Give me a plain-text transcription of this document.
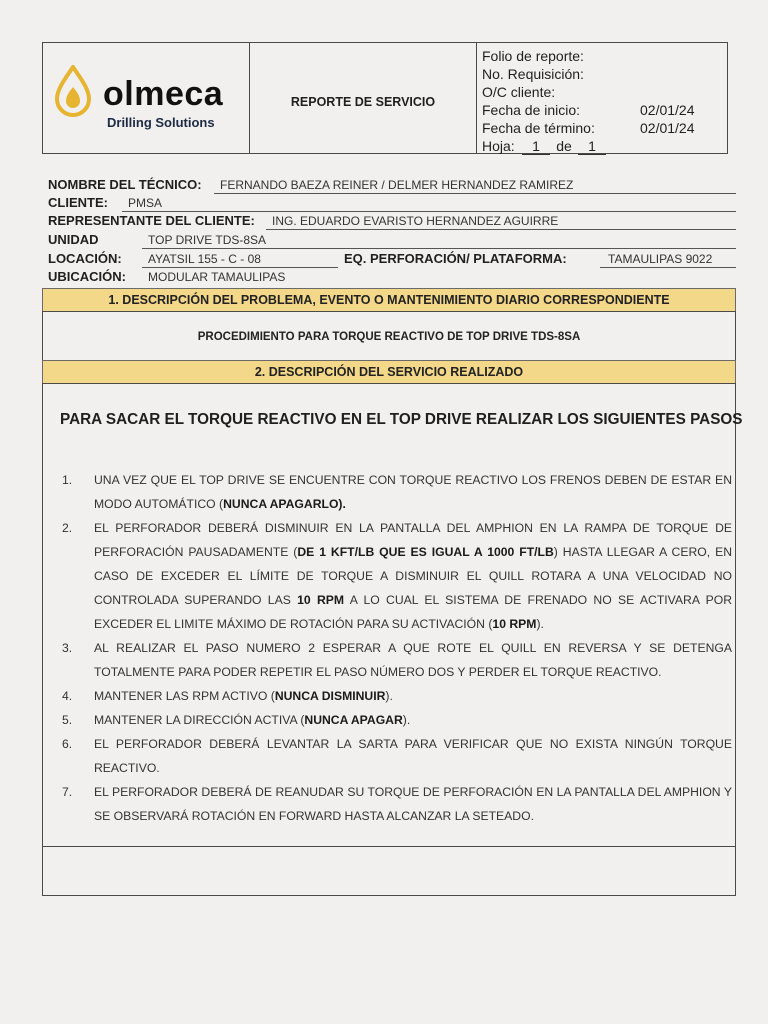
olmeca
Drilling Solutions
REPORTE DE SERVICIO
Folio de reporte:
No. Requisición:
O/C cliente:
Fecha de inicio:	02/01/24
Fecha de término:	02/01/24
Hoja:	1	de	1
NOMBRE DEL TÉCNICO: FERNANDO BAEZA REINER / DELMER HERNANDEZ RAMIREZ
CLIENTE: PMSA
REPRESENTANTE DEL CLIENTE: ING. EDUARDO EVARISTO HERNANDEZ AGUIRRE
UNIDAD	TOP DRIVE TDS-8SA
LOCACIÓN: AYATSIL 155 - C - 08	EQ. PERFORACIÓN/ PLATAFORMA:	TAMAULIPAS 9022
UBICACIÓN: MODULAR TAMAULIPAS
1. DESCRIPCIÓN DEL PROBLEMA, EVENTO O MANTENIMIENTO DIARIO CORRESPONDIENTE
PROCEDIMIENTO PARA TORQUE REACTIVO DE TOP DRIVE TDS-8SA
2. DESCRIPCIÓN DEL SERVICIO REALIZADO
PARA SACAR EL TORQUE REACTIVO EN EL TOP DRIVE REALIZAR LOS SIGUIENTES PASOS
1.	UNA VEZ QUE EL TOP DRIVE SE ENCUENTRE CON TORQUE REACTIVO LOS FRENOS DEBEN DE ESTAR EN MODO AUTOMÁTICO (NUNCA APAGARLO).
2.	EL PERFORADOR DEBERÁ DISMINUIR EN LA PANTALLA DEL AMPHION EN LA RAMPA DE TORQUE DE PERFORACIÓN PAUSADAMENTE (DE 1 KFT/LB QUE ES IGUAL A 1000 FT/LB) HASTA LLEGAR A CERO, EN CASO DE EXCEDER EL LÍMITE DE TORQUE A DISMINUIR EL QUILL ROTARA A UNA VELOCIDAD NO CONTROLADA SUPERANDO LAS 10 RPM A LO CUAL EL SISTEMA DE FRENADO NO SE ACTIVARA POR EXCEDER EL LIMITE MÁXIMO DE ROTACIÓN PARA SU ACTIVACIÓN (10 RPM).
3.	AL REALIZAR EL PASO NUMERO 2 ESPERAR A QUE ROTE EL QUILL EN REVERSA Y SE DETENGA TOTALMENTE PARA PODER REPETIR EL PASO NÚMERO DOS Y PERDER EL TORQUE REACTIVO.
4.	MANTENER LAS RPM ACTIVO (NUNCA DISMINUIR).
5.	MANTENER LA DIRECCIÓN ACTIVA (NUNCA APAGAR).
6.	EL PERFORADOR DEBERÁ LEVANTAR LA SARTA PARA VERIFICAR QUE NO EXISTA NINGÚN TORQUE REACTIVO.
7.	EL PERFORADOR DEBERÁ DE REANUDAR SU TORQUE DE PERFORACIÓN EN LA PANTALLA DEL AMPHION Y SE OBSERVARÁ ROTACIÓN EN FORWARD HASTA ALCANZAR LA SETEADO.
